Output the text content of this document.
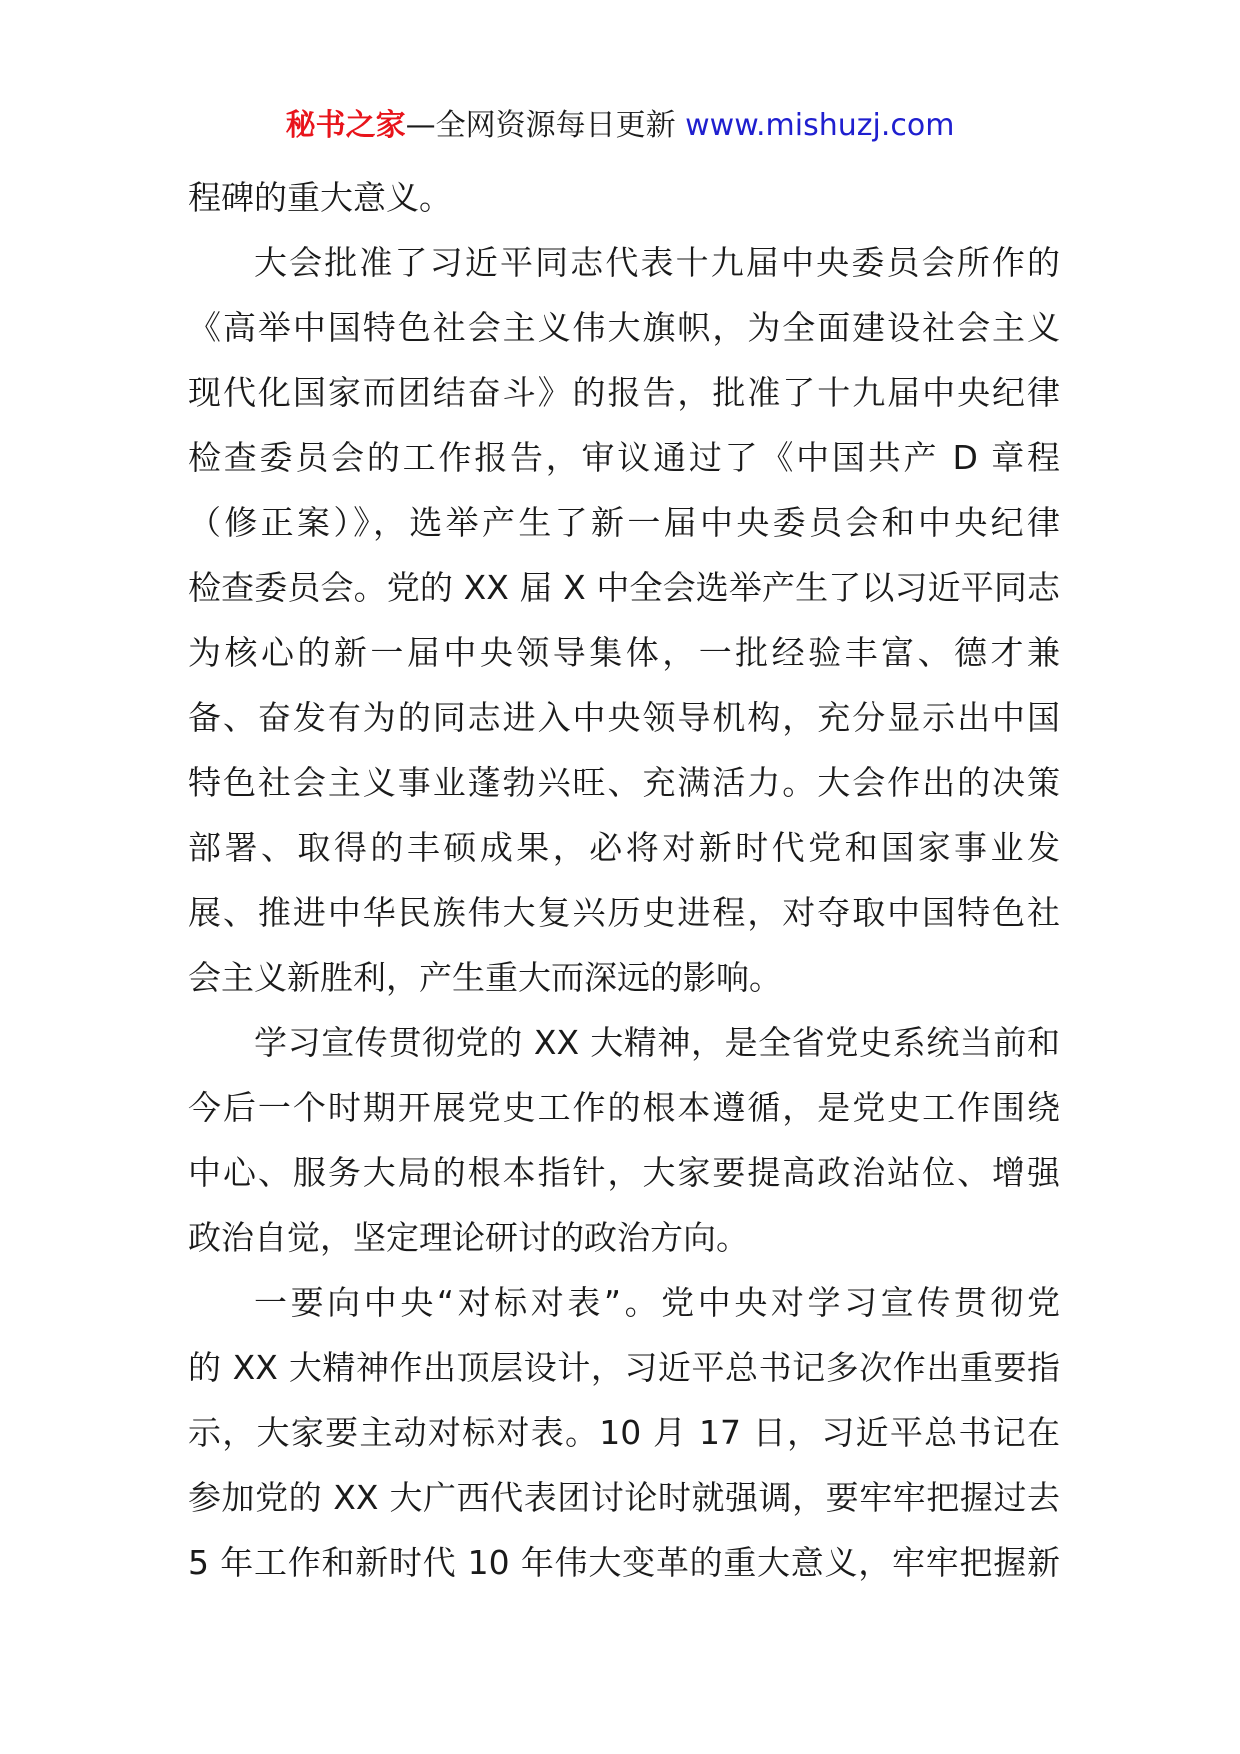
秘书之家—全网资源每日更新 www.mishuzj.com
程碑的重大意义。
大会批准了习近平同志代表十九届中央委员会所作的
《高举中国特色社会主义伟大旗帜，为全面建设社会主义
现代化国家而团结奋斗》的报告，批准了十九届中央纪律
检查委员会的工作报告，审议通过了《中国共产 D 章程
（修正案）》，选举产生了新一届中央委员会和中央纪律
检查委员会。党的 XX 届 X 中全会选举产生了以习近平同志
为核心的新一届中央领导集体，一批经验丰富、德才兼
备、奋发有为的同志进入中央领导机构，充分显示出中国
特色社会主义事业蓬勃兴旺、充满活力。大会作出的决策
部署、取得的丰硕成果，必将对新时代党和国家事业发
展、推进中华民族伟大复兴历史进程，对夺取中国特色社
会主义新胜利，产生重大而深远的影响。
学习宣传贯彻党的 XX 大精神，是全省党史系统当前和
今后一个时期开展党史工作的根本遵循，是党史工作围绕
中心、服务大局的根本指针，大家要提高政治站位、增强
政治自觉，坚定理论研讨的政治方向。
一要向中央“对标对表”。党中央对学习宣传贯彻党
的 XX 大精神作出顶层设计，习近平总书记多次作出重要指
示，大家要主动对标对表。10 月 17 日，习近平总书记在
参加党的 XX 大广西代表团讨论时就强调，要牢牢把握过去
5 年工作和新时代 10 年伟大变革的重大意义，牢牢把握新
